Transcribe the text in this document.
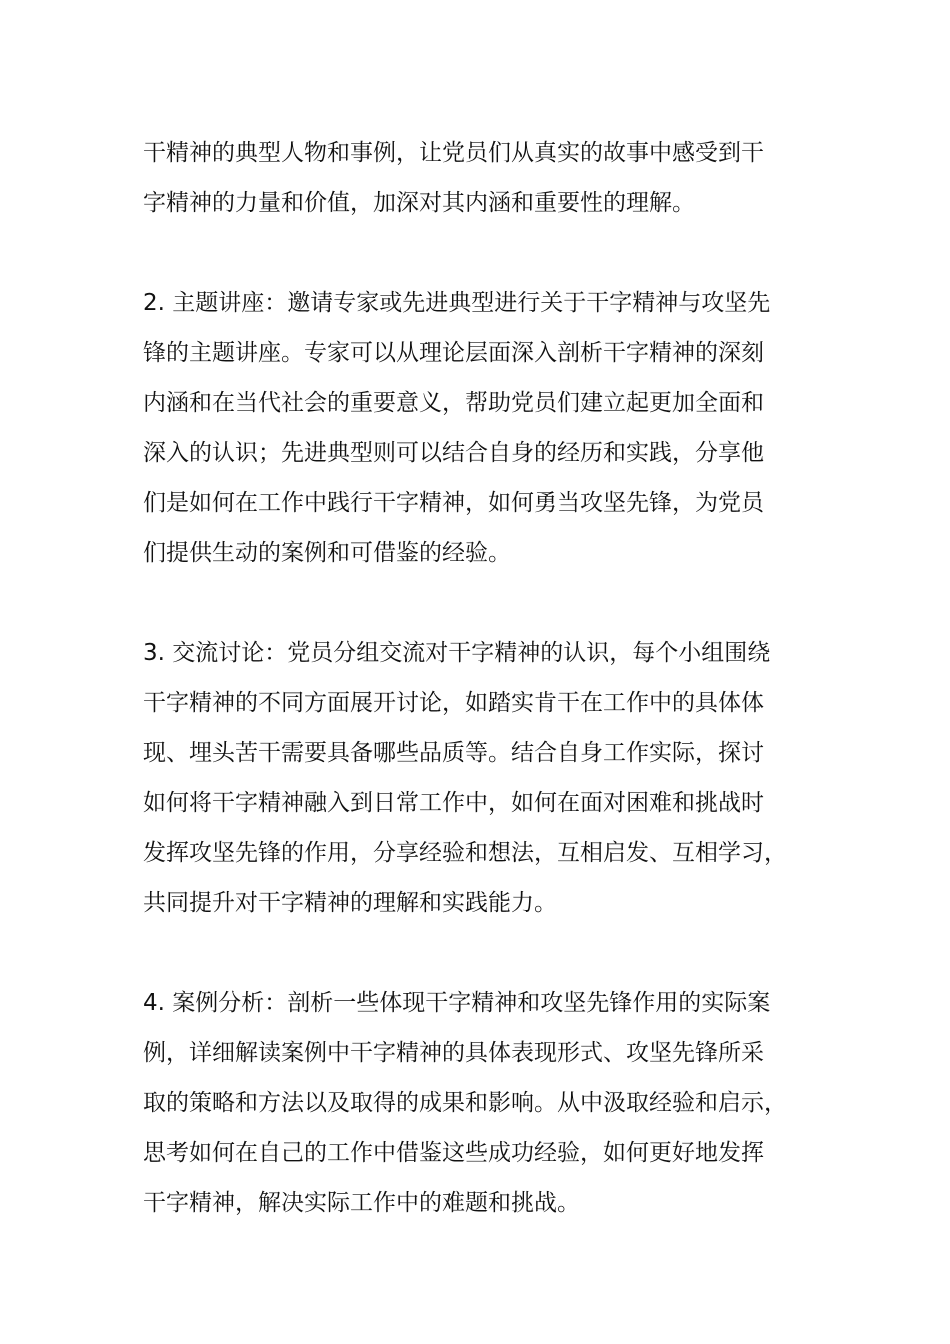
干精神的典型人物和事例，让党员们从真实的故事中感受到干
字精神的力量和价值，加深对其内涵和重要性的理解。
2. 主题讲座：邀请专家或先进典型进行关于干字精神与攻坚先
锋的主题讲座。专家可以从理论层面深入剖析干字精神的深刻
内涵和在当代社会的重要意义，帮助党员们建立起更加全面和
深入的认识；先进典型则可以结合自身的经历和实践，分享他
们是如何在工作中践行干字精神，如何勇当攻坚先锋，为党员
们提供生动的案例和可借鉴的经验。
3. 交流讨论：党员分组交流对干字精神的认识，每个小组围绕
干字精神的不同方面展开讨论，如踏实肯干在工作中的具体体
现、埋头苦干需要具备哪些品质等。结合自身工作实际，探讨
如何将干字精神融入到日常工作中，如何在面对困难和挑战时
发挥攻坚先锋的作用，分享经验和想法，互相启发、互相学习，
共同提升对干字精神的理解和实践能力。
4. 案例分析：剖析一些体现干字精神和攻坚先锋作用的实际案
例，详细解读案例中干字精神的具体表现形式、攻坚先锋所采
取的策略和方法以及取得的成果和影响。从中汲取经验和启示，
思考如何在自己的工作中借鉴这些成功经验，如何更好地发挥
干字精神，解决实际工作中的难题和挑战。
